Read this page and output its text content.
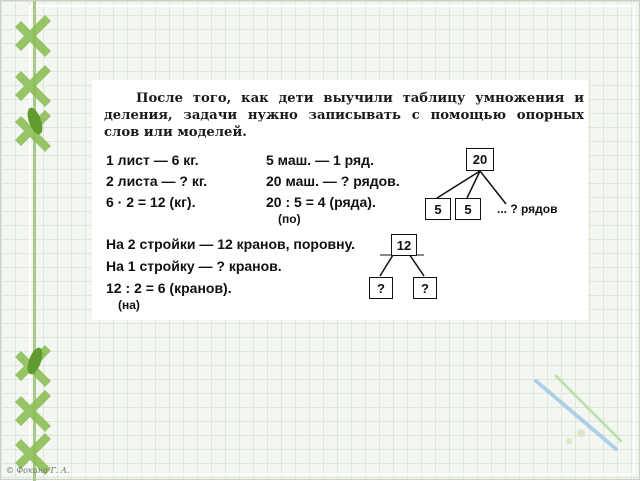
После того, как дети выучили таблицу умножения и деления, задачи нужно записывать с помощью опорных слов или моделей.
1 лист — 6 кг.
2 листа — ? кг.
6 · 2 = 12 (кг).
5 маш. — 1 ряд.
20 маш. — ? рядов.
20 : 5 = 4 (ряда).
(по)
20
5	5	... ? рядов
На 2 стройки — 12 кранов, поровну.
На 1 стройку — ? кранов.
12 : 2 = 6 (кранов).
(на)
12
?	?
© Фокина Г. А.
